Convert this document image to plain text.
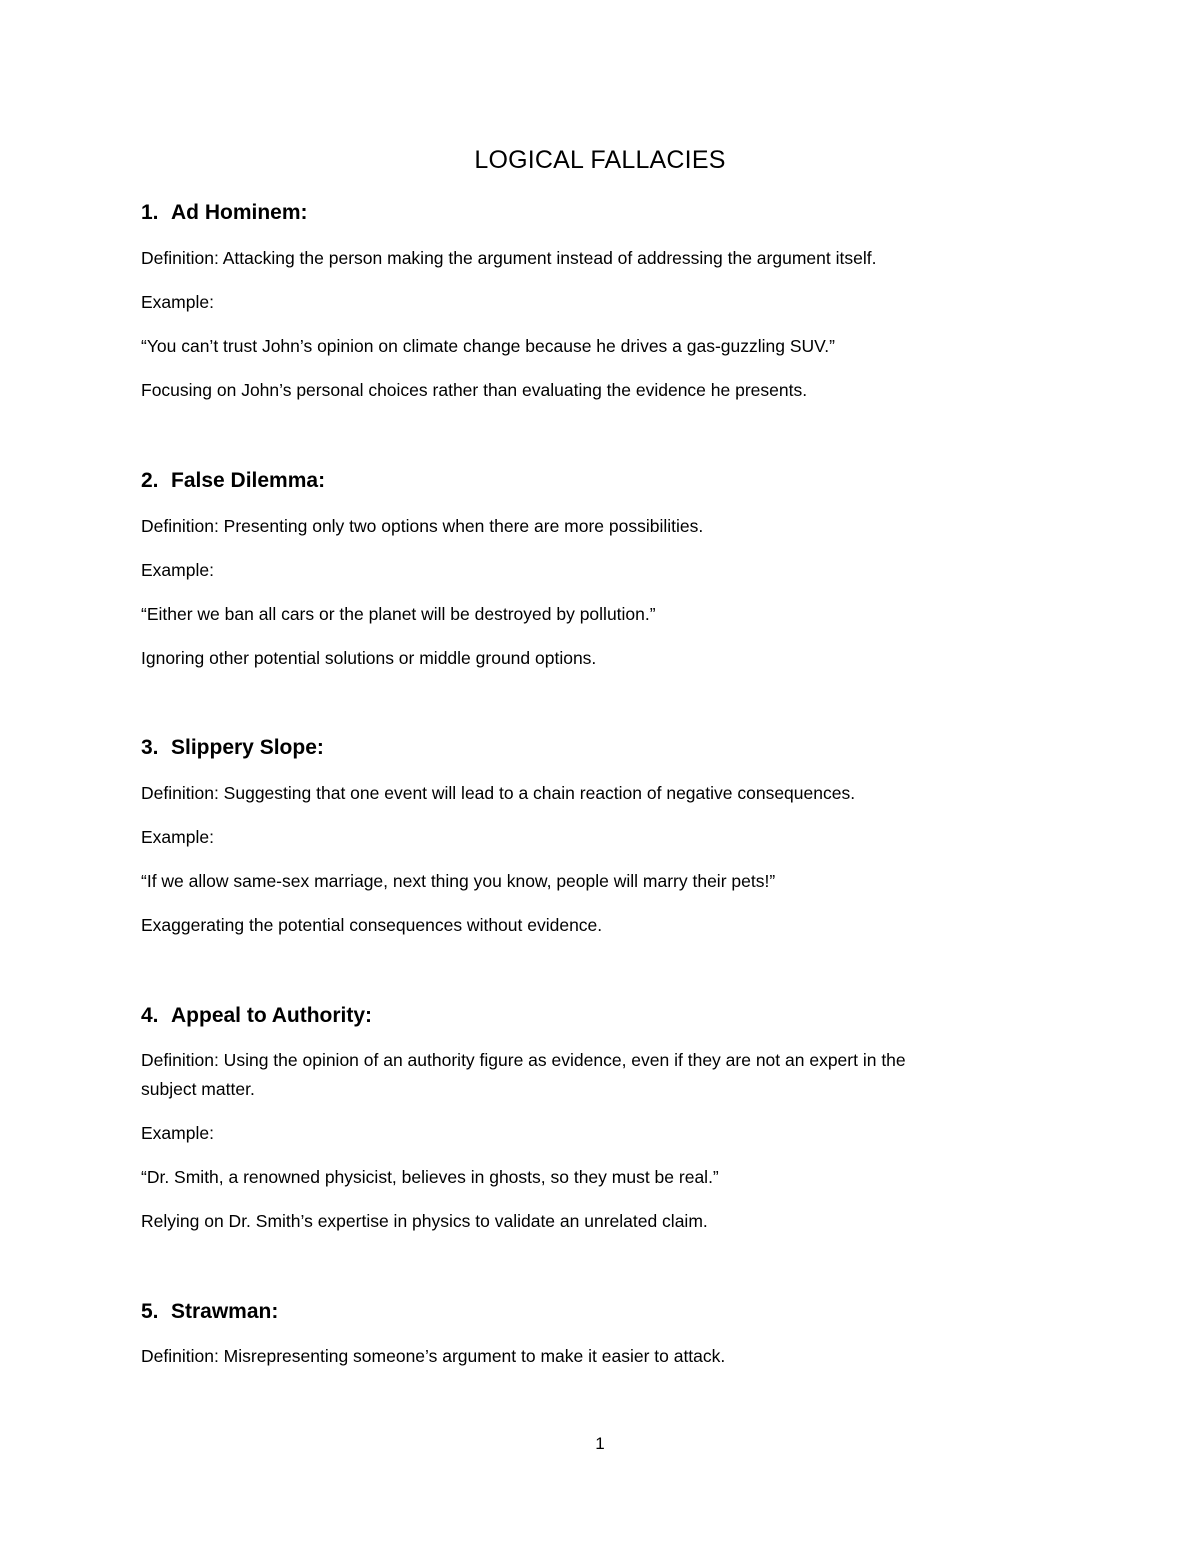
LOGICAL FALLACIES
1. Ad Hominem:

Definition: Attacking the person making the argument instead of addressing the argument itself.

Example:

“You can’t trust John’s opinion on climate change because he drives a gas-guzzling SUV.”

Focusing on John’s personal choices rather than evaluating the evidence he presents.

2. False Dilemma:

Definition: Presenting only two options when there are more possibilities.

Example:

“Either we ban all cars or the planet will be destroyed by pollution.”

Ignoring other potential solutions or middle ground options.

3. Slippery Slope:

Definition: Suggesting that one event will lead to a chain reaction of negative consequences.

Example:

“If we allow same-sex marriage, next thing you know, people will marry their pets!”

Exaggerating the potential consequences without evidence.

4. Appeal to Authority:

Definition: Using the opinion of an authority figure as evidence, even if they are not an expert in the

subject matter.

Example:

“Dr. Smith, a renowned physicist, believes in ghosts, so they must be real.”

Relying on Dr. Smith’s expertise in physics to validate an unrelated claim.

5. Strawman:

Definition: Misrepresenting someone’s argument to make it easier to attack.

1
